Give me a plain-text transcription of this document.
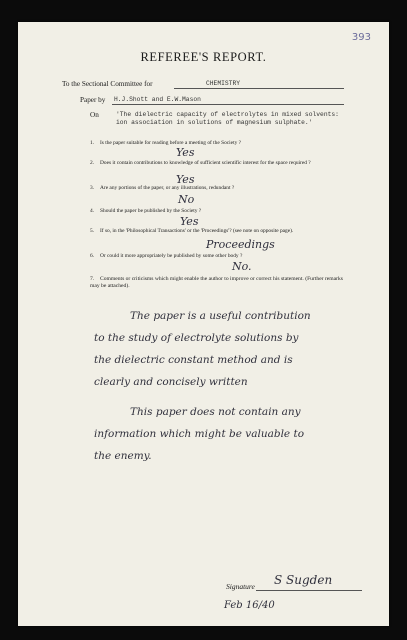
393
REFEREE'S REPORT.
To the Sectional Committee for	CHEMISTRY
Paper by H.J.Shott and E.W.Mason
On	'The dielectric capacity of electrolytes in mixed solvents:
ion association in solutions of magnesium sulphate.'
1. Is the paper suitable for reading before a meeting of the Society ?
Yes
2. Does it contain contributions to knowledge of sufficient scientific interest for the space required ?
Yes
3. Are any portions of the paper, or any illustrations, redundant ?
No
4. Should the paper be published by the Society ?
Yes
5. If so, in the 'Philosophical Transactions' or the 'Proceedings'? (see note on opposite page).
Proceedings
6. Or could it more appropriately be published by some other body ?
No.
7. Comments or criticisms which might enable the author to improve or correct his statement. (Further remarks may be attached).
The paper is a useful contribution
to the study of electrolyte solutions by
the dielectric constant method and is
clearly and concisely written
This paper does not contain any
information which might be valuable to
the enemy.
Signature S Sugden
Feb 16/40
